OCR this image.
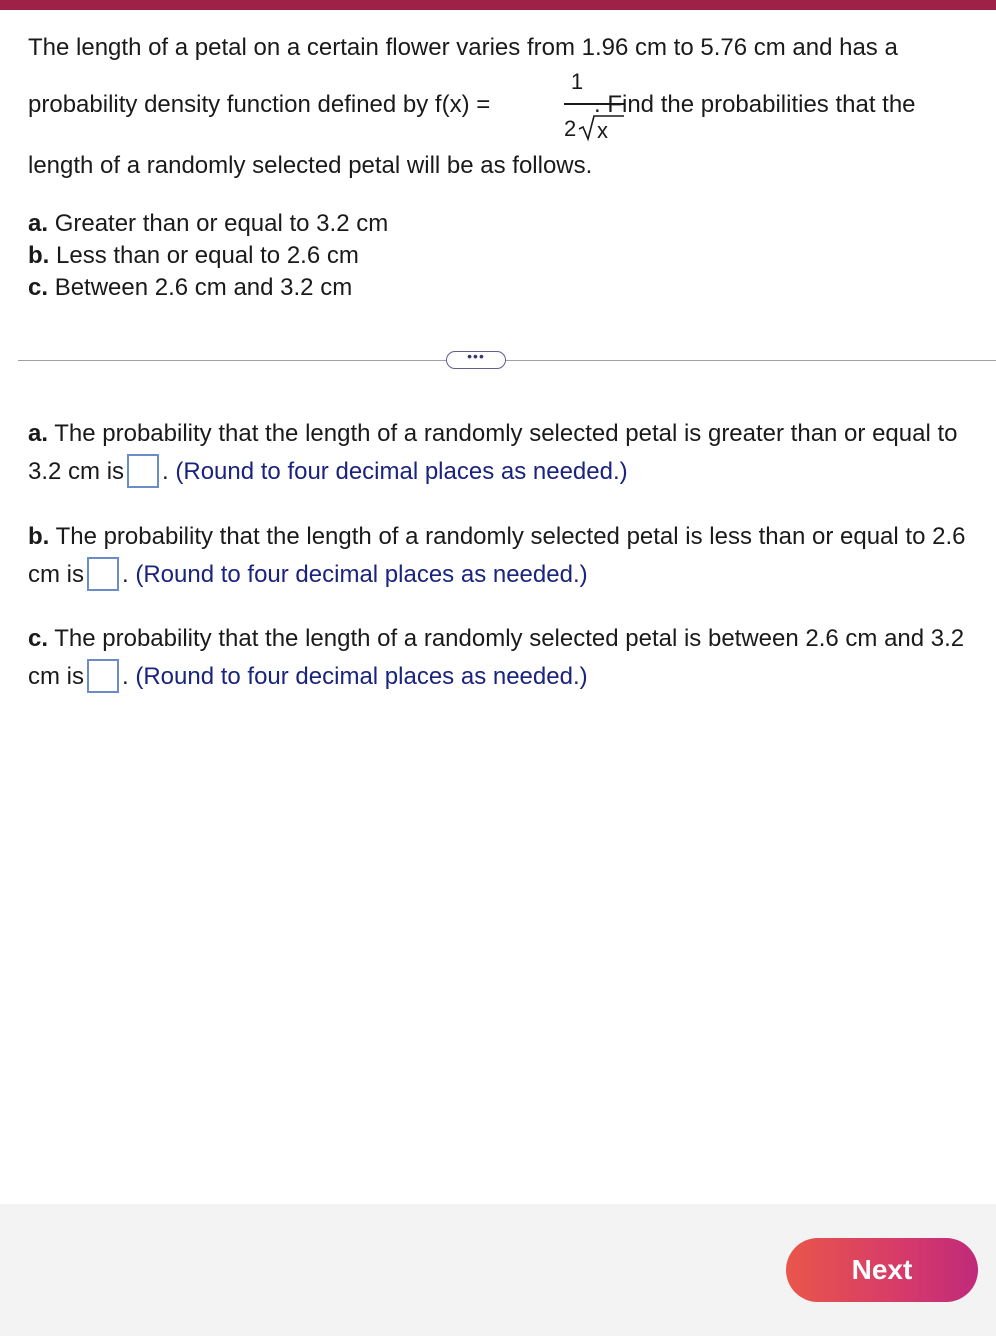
The length of a petal on a certain flower varies from 1.96 cm to 5.76 cm and has a
probability density function defined by f(x) =
1
2 x
. Find the probabilities that the
length of a randomly selected petal will be as follows.
a. Greater than or equal to 3.2 cm
b. Less than or equal to 2.6 cm
c. Between 2.6 cm and 3.2 cm
•••
a. The probability that the length of a randomly selected petal is greater than or equal to 3.2 cm is . (Round to four decimal places as needed.)
b. The probability that the length of a randomly selected petal is less than or equal to 2.6 cm is . (Round to four decimal places as needed.)
c. The probability that the length of a randomly selected petal is between 2.6 cm and 3.2 cm is . (Round to four decimal places as needed.)
Next
